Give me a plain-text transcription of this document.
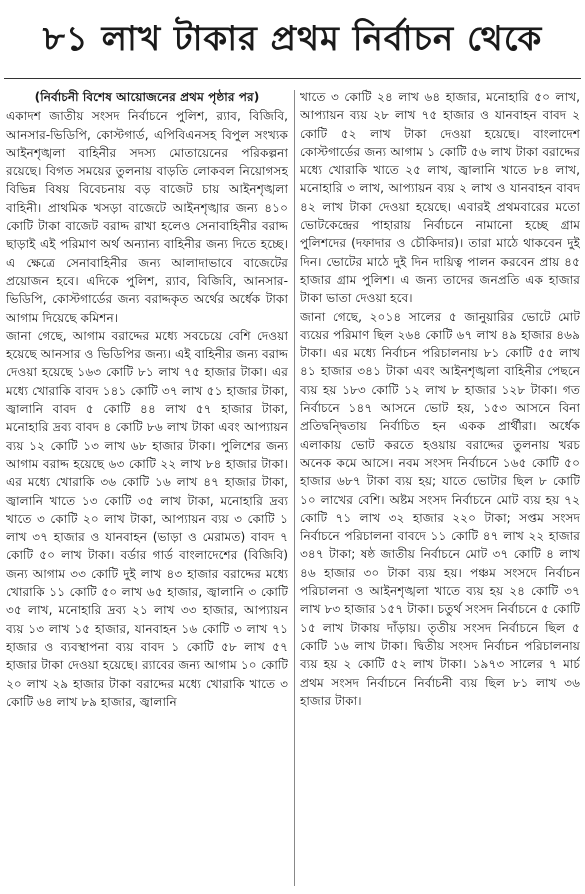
৮১ লাখ টাকার প্রথম নির্বাচন থেকে

(নির্বাচনী বিশেষ আয়োজনের প্রথম পৃষ্ঠার পর)

একাদশ জাতীয় সংসদ নির্বাচনে পুলিশ, র‌্যাব, বিজিবি, আনসার-ভিডিপি, কোস্টগার্ড, এপিবিএনসহ বিপুল সংখ্যক আইনশৃঙ্খলা বাহিনীর সদস্য মোতায়েনের পরিকল্পনা রয়েছে। বিগত সময়ের তুলনায় বাড়তি লোকবল নিয়োগসহ বিভিন্ন বিষয় বিবেচনায় বড় বাজেট চায় আইনশৃঙ্খলা বাহিনী। প্রাথমিক খসড়া বাজেটে আইনশৃঙ্খার জন্য ৪১০ কোটি টাকা বাজেট বরাদ্দ রাখা হলেও সেনাবাহিনীর বরাদ্দ ছাড়াই এই পরিমাণ অর্থ অন্যান্য বাহিনীর জন্য দিতে হচ্ছে। এ ক্ষেত্রে সেনাবাহিনীর জন্য আলাদাভাবে বাজেটের প্রয়োজন হবে। এদিকে পুলিশ, র‌্যাব, বিজিবি, আনসার-ভিডিপি, কোস্টগার্ডের জন্য বরাদ্দকৃত অর্থের অর্ধেক টাকা আগাম দিয়েছে কমিশন।

জানা গেছে, আগাম বরাদ্দের মধ্যে সবচেয়ে বেশি দেওয়া হয়েছে আনসার ও ভিডিপির জন্য। এই বাহিনীর জন্য বরাদ্দ দেওয়া হয়েছে ১৬৩ কোটি ৮১ লাখ ৭৫ হাজার টাকা। এর মধ্যে খোরাকি বাবদ ১৪১ কোটি ৩৭ লাখ ৫১ হাজার টাকা, জ্বালানি বাবদ ৫ কোটি ৪৪ লাখ ৫৭ হাজার টাকা, মনোহারি দ্রব্য বাবদ ৪ কোটি ৮৬ লাখ টাকা এবং আপ্যায়ন ব্যয় ১২ কোটি ১৩ লাখ ৬৮ হাজার টাকা। পুলিশের জন্য আগাম বরাদ্দ হয়েছে ৬৩ কোটি ২২ লাখ ৮৪ হাজার টাকা। এর মধ্যে খোরাকি ৩৬ কোটি ১৬ লাখ ৪৭ হাজার টাকা, জ্বালানি খাতে ১৩ কোটি ৩৫ লাখ টাকা, মনোহারি দ্রব্য খাতে ৩ কোটি ২০ লাখ টাকা, আপ্যায়ন ব্যয় ৩ কোটি ১ লাখ ৩৭ হাজার ও যানবাহন (ভাড়া ও মেরামত) বাবদ ৭ কোটি ৫০ লাখ টাকা। বর্ডার গার্ড বাংলাদেশের (বিজিবি) জন্য আগাম ৩৩ কোটি দুই লাখ ৪৩ হাজার বরাদ্দের মধ্যে খোরাকি ১১ কোটি ৫০ লাখ ৬৫ হাজার, জ্বালানি ৩ কোটি ৩৫ লাখ, মনোহারি দ্রব্য ২১ লাখ ৩৩ হাজার, আপ্যায়ন ব্যয় ১৩ লাখ ১৫ হাজার, যানবাহন ১৬ কোটি ৩ লাখ ৭১ হাজার ও ব্যবস্থাপনা ব্যয় বাবদ ১ কোটি ৫৮ লাখ ৫৭ হাজার টাকা দেওয়া হয়েছে। র‌্যাবের জন্য আগাম ১০ কোটি ২০ লাখ ২৯ হাজার টাকা বরাদ্দের মধ্যে খোরাকি খাতে ৩ কোটি ৬৪ লাখ ৮৯ হাজার, জ্বালানি

খাতে ৩ কোটি ২৪ লাখ ৬৪ হাজার, মনোহারি ৫০ লাখ, আপ্যায়ন ব্যয় ২৮ লাখ ৭৫ হাজার ও যানবাহন বাবদ ২ কোটি ৫২ লাখ টাকা দেওয়া হয়েছে। বাংলাদেশ কোস্টগার্ডের জন্য আগাম ১ কোটি ৫৬ লাখ টাকা বরাদ্দের মধ্যে খোরাকি খাতে ২৫ লাখ, জ্বালানি খাতে ৮৪ লাখ, মনোহারি ৩ লাখ, আপ্যায়ন ব্যয় ২ লাখ ও যানবাহন বাবদ ৪২ লাখ টাকা দেওয়া হয়েছে। এবারই প্রথমবারের মতো ভোটকেন্দ্রের পাহারায় নির্বাচনে নামানো হচ্ছে গ্রাম পুলিশদের (দফাদার ও চৌকিদার)। তারা মাঠে থাকবেন দুই দিন। ভোটের মাঠে দুই দিন দায়িত্ব পালন করবেন প্রায় ৪৫ হাজার গ্রাম পুলিশ। এ জন্য তাদের জনপ্রতি এক হাজার টাকা ভাতা দেওয়া হবে।

জানা গেছে, ২০১৪ সালের ৫ জানুয়ারির ভোটে মোট ব্যয়ের পরিমাণ ছিল ২৬৪ কোটি ৬৭ লাখ ৪৯ হাজার ৪৬৯ টাকা। এর মধ্যে নির্বাচন পরিচালনায় ৮১ কোটি ৫৫ লাখ ৪১ হাজার ৩৪১ টাকা এবং আইনশৃঙ্খলা বাহিনীর পেছনে ব্যয় হয় ১৮৩ কোটি ১২ লাখ ৮ হাজার ১২৮ টাকা। গত নির্বাচনে ১৪৭ আসনে ভোট হয়, ১৫৩ আসনে বিনা প্রতিদ্বন্দ্বিতায় নির্বাচিত হন একক প্রার্থীরা। অর্ধেক এলাকায় ভোট করতে হওয়ায় বরাদ্দের তুলনায় খরচ অনেক কমে আসে। নবম সংসদ নির্বাচনে ১৬৫ কোটি ৫০ হাজার ৬৮৭ টাকা ব্যয় হয়; যাতে ভোটার ছিল ৮ কোটি ১০ লাখের বেশি। অষ্টম সংসদ নির্বাচনে মোট ব্যয় হয় ৭২ কোটি ৭১ লাখ ৩২ হাজার ২২০ টাকা; সপ্তম সংসদ নির্বাচনে পরিচালনা বাবদে ১১ কোটি ৪৭ লাখ ২২ হাজার ৩৪৭ টাকা; ষষ্ঠ জাতীয় নির্বাচনে মোট ৩৭ কোটি ৪ লাখ ৪৬ হাজার ৩০ টাকা ব্যয় হয়। পঞ্চম সংসদে নির্বাচন পরিচালনা ও আইনশৃঙ্খলা খাতে ব্যয় হয় ২৪ কোটি ৩৭ লাখ ৮৩ হাজার ১৫৭ টাকা। চতুর্থ সংসদ নির্বাচনে ৫ কোটি ১৫ লাখ টাকায় দাঁড়ায়। তৃতীয় সংসদ নির্বাচনে ছিল ৫ কোটি ১৬ লাখ টাকা। দ্বিতীয় সংসদ নির্বাচন পরিচালনায় ব্যয় হয় ২ কোটি ৫২ লাখ টাকা। ১৯৭৩ সালের ৭ মার্চ প্রথম সংসদ নির্বাচনে নির্বাচনী ব্যয় ছিল ৮১ লাখ ৩৬ হাজার টাকা।
